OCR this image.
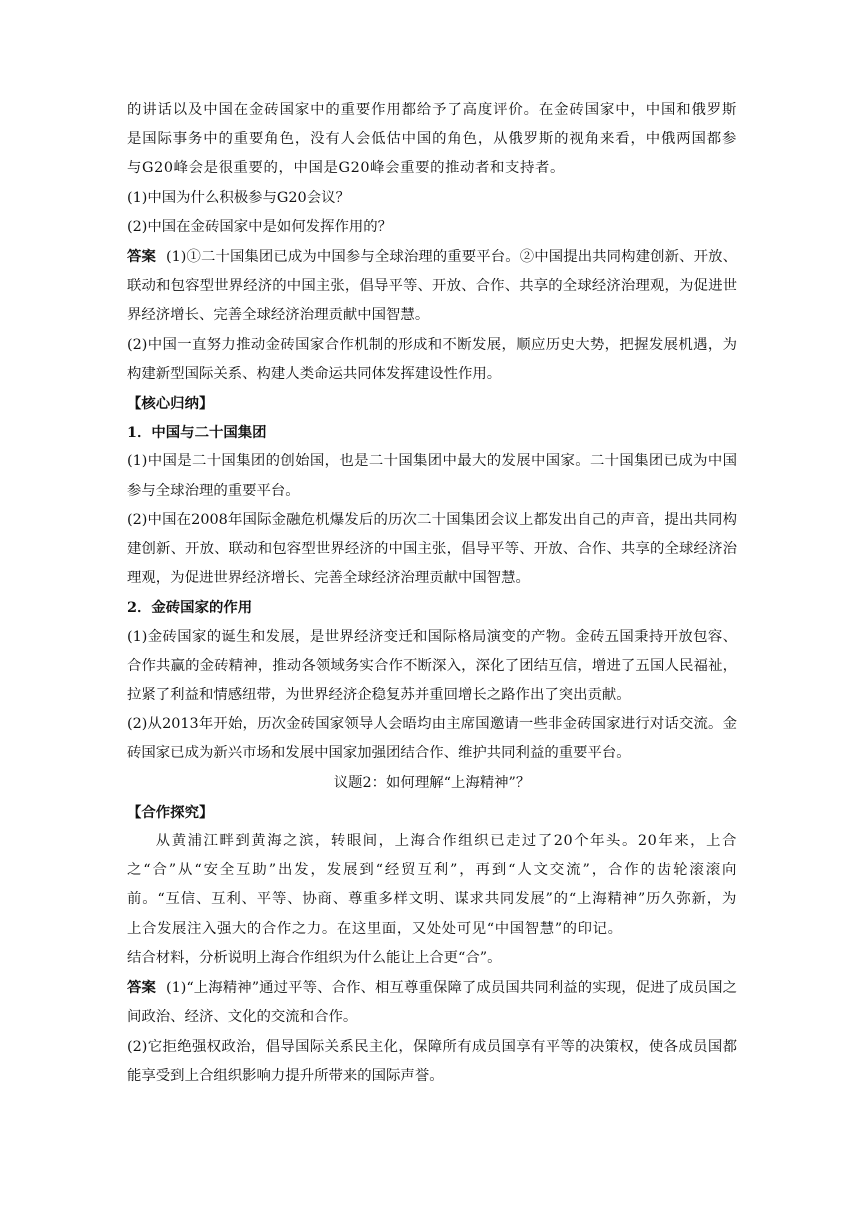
的讲话以及中国在金砖国家中的重要作用都给予了高度评价。在金砖国家中，中国和俄罗斯是国际事务中的重要角色，没有人会低估中国的角色，从俄罗斯的视角来看，中俄两国都参与G20峰会是很重要的，中国是G20峰会重要的推动者和支持者。

(1)中国为什么积极参与G20会议？

(2)中国在金砖国家中是如何发挥作用的？

答案 (1)①二十国集团已成为中国参与全球治理的重要平台。②中国提出共同构建创新、开放、联动和包容型世界经济的中国主张，倡导平等、开放、合作、共享的全球经济治理观，为促进世界经济增长、完善全球经济治理贡献中国智慧。

(2)中国一直努力推动金砖国家合作机制的形成和不断发展，顺应历史大势，把握发展机遇，为构建新型国际关系、构建人类命运共同体发挥建设性作用。

【核心归纳】

1．中国与二十国集团

(1)中国是二十国集团的创始国，也是二十国集团中最大的发展中国家。二十国集团已成为中国参与全球治理的重要平台。

(2)中国在2008年国际金融危机爆发后的历次二十国集团会议上都发出自己的声音，提出共同构建创新、开放、联动和包容型世界经济的中国主张，倡导平等、开放、合作、共享的全球经济治理观，为促进世界经济增长、完善全球经济治理贡献中国智慧。

2．金砖国家的作用

(1)金砖国家的诞生和发展，是世界经济变迁和国际格局演变的产物。金砖五国秉持开放包容、合作共赢的金砖精神，推动各领域务实合作不断深入，深化了团结互信，增进了五国人民福祉，拉紧了利益和情感纽带，为世界经济企稳复苏并重回增长之路作出了突出贡献。

(2)从2013年开始，历次金砖国家领导人会晤均由主席国邀请一些非金砖国家进行对话交流。金砖国家已成为新兴市场和发展中国家加强团结合作、维护共同利益的重要平台。

议题2：如何理解“上海精神”？

【合作探究】

从黄浦江畔到黄海之滨，转眼间，上海合作组织已走过了20个年头。20年来，上合之“合”从“安全互助”出发，发展到“经贸互利”，再到“人文交流”，合作的齿轮滚滚向前。“互信、互利、平等、协商、尊重多样文明、谋求共同发展”的“上海精神”历久弥新，为上合发展注入强大的合作之力。在这里面，又处处可见“中国智慧”的印记。

结合材料，分析说明上海合作组织为什么能让上合更“合”。

答案 (1)“上海精神”通过平等、合作、相互尊重保障了成员国共同利益的实现，促进了成员国之间政治、经济、文化的交流和合作。

(2)它拒绝强权政治，倡导国际关系民主化，保障所有成员国享有平等的决策权，使各成员国都能享受到上合组织影响力提升所带来的国际声誉。
